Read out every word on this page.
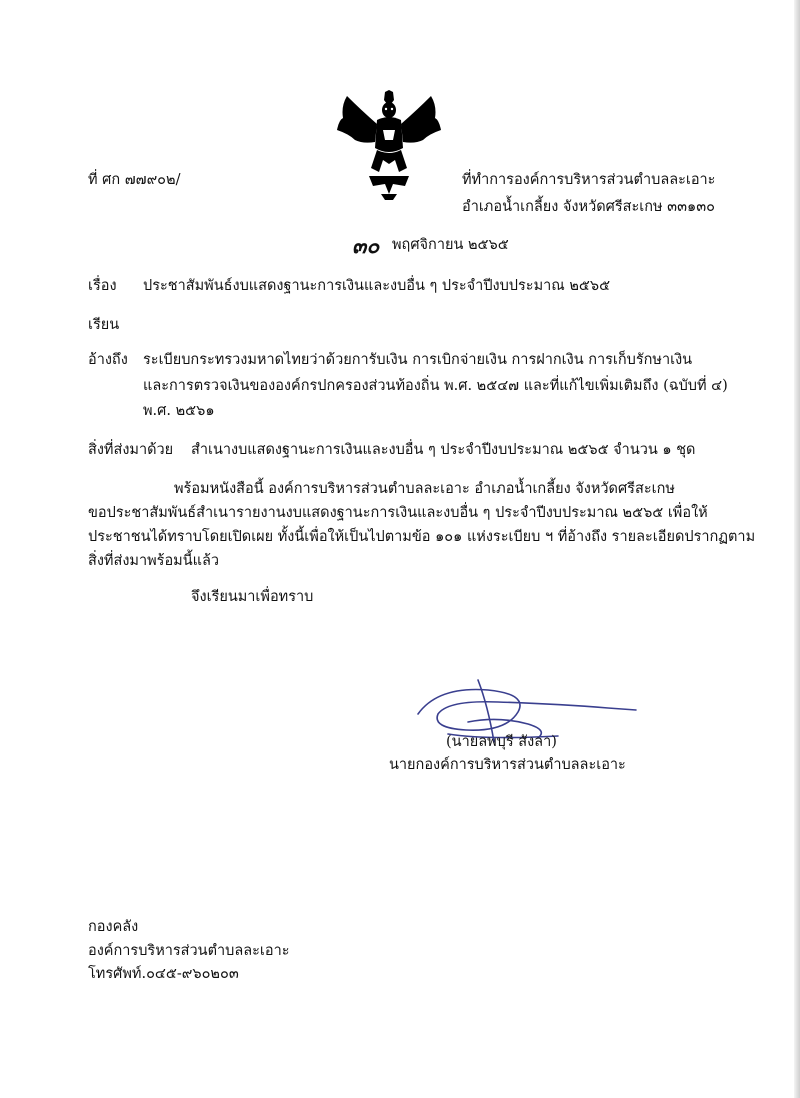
ที่ ศก ๗๗๙๐๒/	ที่ทำการองค์การบริหารส่วนตำบลละเอาะ
อำเภอน้ำเกลี้ยง จังหวัดศรีสะเกษ ๓๓๑๓๐
๓๐ พฤศจิกายน ๒๕๖๕
เรื่อง ประชาสัมพันธ์งบแสดงฐานะการเงินและงบอื่น ๆ ประจำปีงบประมาณ ๒๕๖๕
เรียน
อ้างถึง ระเบียบกระทรวงมหาดไทยว่าด้วยการับเงิน การเบิกจ่ายเงิน การฝากเงิน การเก็บรักษาเงิน
และการตรวจเงินขององค์กรปกครองส่วนท้องถิ่น พ.ศ. ๒๕๔๗ และที่แก้ไขเพิ่มเติมถึง (ฉบับที่ ๔)
พ.ศ. ๒๕๖๑
สิ่งที่ส่งมาด้วย สำเนางบแสดงฐานะการเงินและงบอื่น ๆ ประจำปีงบประมาณ ๒๕๖๕ จำนวน ๑ ชุด
พร้อมหนังสือนี้ องค์การบริหารส่วนตำบลละเอาะ อำเภอน้ำเกลี้ยง จังหวัดศรีสะเกษ
ขอประชาสัมพันธ์สำเนารายงานงบแสดงฐานะการเงินและงบอื่น ๆ ประจำปีงบประมาณ ๒๕๖๕ เพื่อให้
ประชาชนได้ทราบโดยเปิดเผย ทั้งนี้เพื่อให้เป็นไปตามข้อ ๑๐๑ แห่งระเบียบ ฯ ที่อ้างถึง รายละเอียดปรากฏตาม
สิ่งที่ส่งมาพร้อมนี้แล้ว
จึงเรียนมาเพื่อทราบ
(นายลพบุรี สังลา)
นายกองค์การบริหารส่วนตำบลละเอาะ
กองคลัง
องค์การบริหารส่วนตำบลละเอาะ
โทรศัพท์.๐๔๕-๙๖๐๒๐๓
